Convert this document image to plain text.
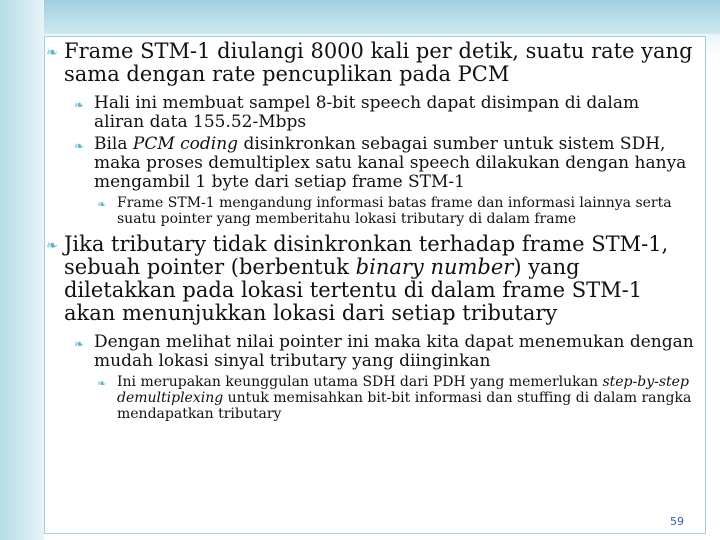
❧ Frame STM-1 diulangi 8000 kali per detik, suatu rate yang sama dengan rate pencuplikan pada PCM

❧ Hali ini membuat sampel 8-bit speech dapat disimpan di dalam aliran data 155.52-Mbps

❧ Bila PCM coding disinkronkan sebagai sumber untuk sistem SDH, maka proses demultiplex satu kanal speech dilakukan dengan hanya mengambil 1 byte dari setiap frame STM-1

❧ Frame STM-1 mengandung informasi batas frame dan informasi lainnya serta suatu pointer yang memberitahu lokasi tributary di dalam frame

❧ Jika tributary tidak disinkronkan terhadap frame STM-1, sebuah pointer (berbentuk binary number) yang diletakkan pada lokasi tertentu di dalam frame STM-1 akan menunjukkan lokasi dari setiap tributary

❧ Dengan melihat nilai pointer ini maka kita dapat menemukan dengan mudah lokasi sinyal tributary yang diinginkan

❧ Ini merupakan keunggulan utama SDH dari PDH yang memerlukan step-by-step demultiplexing untuk memisahkan bit-bit informasi dan stuffing di dalam rangka mendapatkan tributary

59
